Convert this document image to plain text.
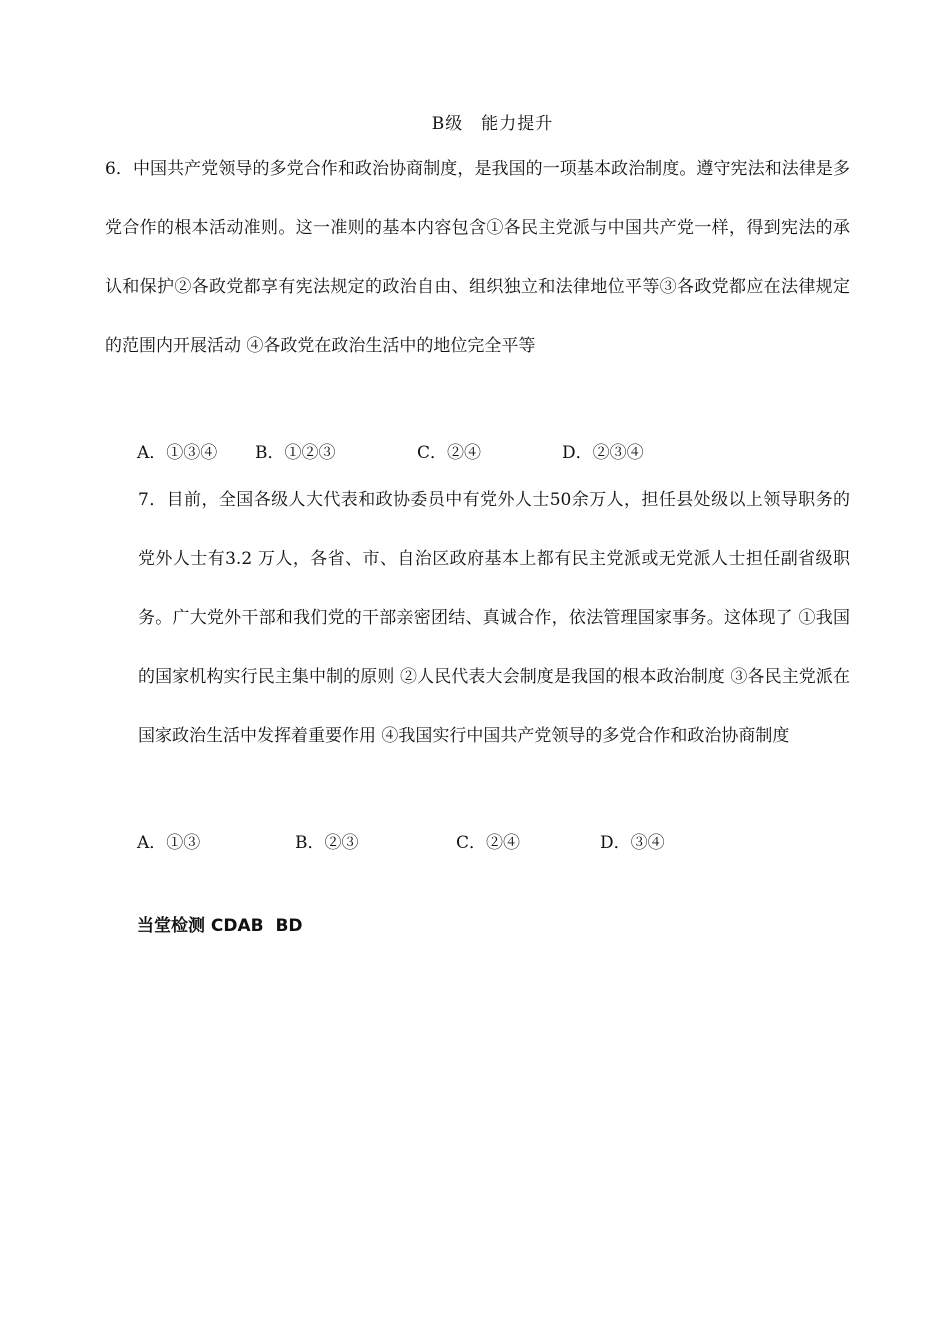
B级　能力提升
6．中国共产党领导的多党合作和政治协商制度，是我国的一项基本政治制度。遵守宪法和法律是多党合作的根本活动准则。这一准则的基本内容包含①各民主党派与中国共产党一样，得到宪法的承认和保护②各政党都享有宪法规定的政治自由、组织独立和法律地位平等③各政党都应在法律规定的范围内开展活动 ④各政党在政治生活中的地位完全平等
A．①③④ B．①②③	C．②④	D．②③④
7．目前，全国各级人大代表和政协委员中有党外人士50余万人，担任县处级以上领导职务的党外人士有3.2 万人，各省、市、自治区政府基本上都有民主党派或无党派人士担任副省级职务。广大党外干部和我们党的干部亲密团结、真诚合作，依法管理国家事务。这体现了 ①我国的国家机构实行民主集中制的原则 ②人民代表大会制度是我国的根本政治制度 ③各民主党派在国家政治生活中发挥着重要作用 ④我国实行中国共产党领导的多党合作和政治协商制度
A．①③	B．②③	C．②④	D．③④
当堂检测 CDAB  BD
